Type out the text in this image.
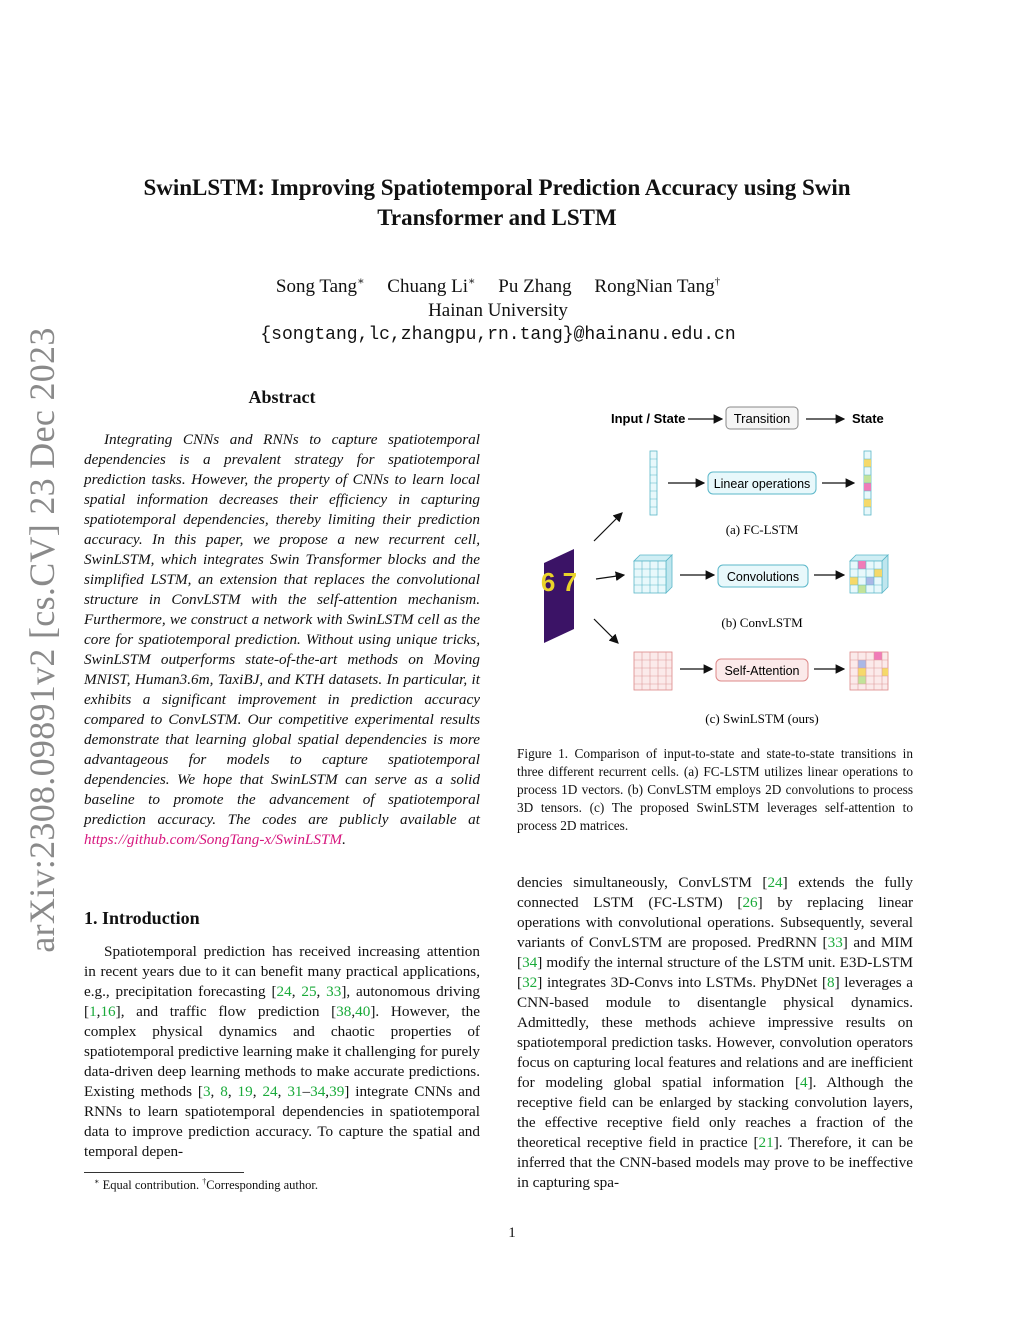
arXiv:2308.09891v2 [cs.CV] 23 Dec 2023
SwinLSTM: Improving Spatiotemporal Prediction Accuracy using Swin Transformer and LSTM
Song Tang∗ Chuang Li∗ Pu Zhang RongNian Tang†
Hainan University
{songtang,lc,zhangpu,rn.tang}@hainanu.edu.cn
Abstract

Integrating CNNs and RNNs to capture spatiotemporal dependencies is a prevalent strategy for spatiotemporal prediction tasks. However, the property of CNNs to learn local spatial information decreases their efficiency in capturing spatiotemporal dependencies, thereby limiting their prediction accuracy. In this paper, we propose a new recurrent cell, SwinLSTM, which integrates Swin Transformer blocks and the simplified LSTM, an extension that replaces the convolutional structure in ConvLSTM with the self-attention mechanism. Furthermore, we construct a network with SwinLSTM cell as the core for spatiotemporal prediction. Without using unique tricks, SwinLSTM outperforms state-of-the-art methods on Moving MNIST, Human3.6m, TaxiBJ, and KTH datasets. In particular, it exhibits a significant improvement in prediction accuracy compared to ConvLSTM. Our competitive experimental results demonstrate that learning global spatial dependencies is more advantageous for models to capture spatiotemporal dependencies. We hope that SwinLSTM can serve as a solid baseline to promote the advancement of spatiotemporal prediction accuracy. The codes are publicly available at https://github.com/SongTang-x/SwinLSTM.

1. Introduction

Spatiotemporal prediction has received increasing attention in recent years due to it can benefit many practical applications, e.g., precipitation forecasting [24, 25, 33], autonomous driving [1,16], and traffic flow prediction [38,40]. However, the complex physical dynamics and chaotic properties of spatiotemporal predictive learning make it challenging for purely data-driven deep learning methods to make accurate predictions. Existing methods [3, 8, 19, 24, 31–34,39] integrate CNNs and RNNs to learn spatiotemporal dependencies in spatiotemporal data to improve prediction accuracy. To capture the spatial and temporal depen-

∗ Equal contribution. †Corresponding author.
Input / State	Transition	State
Linear operations
(a) FC-LSTM
6 7	Convolutions
(b) ConvLSTM
Self-Attention
(c) SwinLSTM (ours)
Figure 1. Comparison of input-to-state and state-to-state transitions in three different recurrent cells. (a) FC-LSTM utilizes linear operations to process 1D vectors. (b) ConvLSTM employs 2D convolutions to process 3D tensors. (c) The proposed SwinLSTM leverages self-attention to process 2D matrices.

dencies simultaneously, ConvLSTM [24] extends the fully connected LSTM (FC-LSTM) [26] by replacing linear operations with convolutional operations. Subsequently, several variants of ConvLSTM are proposed. PredRNN [33] and MIM [34] modify the internal structure of the LSTM unit. E3D-LSTM [32] integrates 3D-Convs into LSTMs. PhyDNet [8] leverages a CNN-based module to disentangle physical dynamics. Admittedly, these methods achieve impressive results on spatiotemporal prediction tasks. However, convolution operators focus on capturing local features and relations and are inefficient for modeling global spatial information [4]. Although the receptive field can be enlarged by stacking convolution layers, the effective receptive field only reaches a fraction of the theoretical receptive field in practice [21]. Therefore, it can be inferred that the CNN-based models may prove to be ineffective in capturing spa-

1
